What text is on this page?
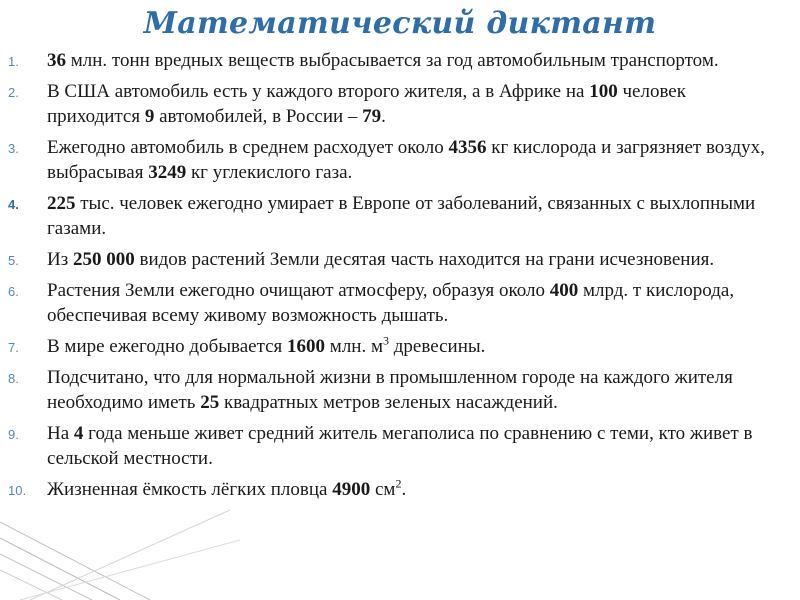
Математический диктант
1. 36 млн. тонн вредных веществ выбрасывается за год автомобильным транспортом.
2. В США автомобиль есть у каждого второго жителя, а в Африке на 100 человек приходится 9 автомобилей, в России – 79.
3. Ежегодно автомобиль в среднем расходует около 4356 кг кислорода и загрязняет воздух, выбрасывая 3249 кг углекислого газа.
4. 225 тыс. человек ежегодно умирает в Европе от заболеваний, связанных с выхлопными газами.
5. Из 250 000 видов растений Земли десятая часть находится на грани исчезновения.
6. Растения Земли ежегодно очищают атмосферу, образуя около 400 млрд. т кислорода, обеспечивая всему живому возможность дышать.
7. В мире ежегодно добывается 1600 млн. $м^3$ древесины.
8. Подсчитано, что для нормальной жизни в промышленном городе на каждого жителя необходимо иметь 25 квадратных метров зеленых насаждений.
9. На 4 года меньше живет средний житель мегаполиса по сравнению с теми, кто живет в сельской местности.
10. Жизненная ёмкость лёгких пловца 4900 $см^2$.
